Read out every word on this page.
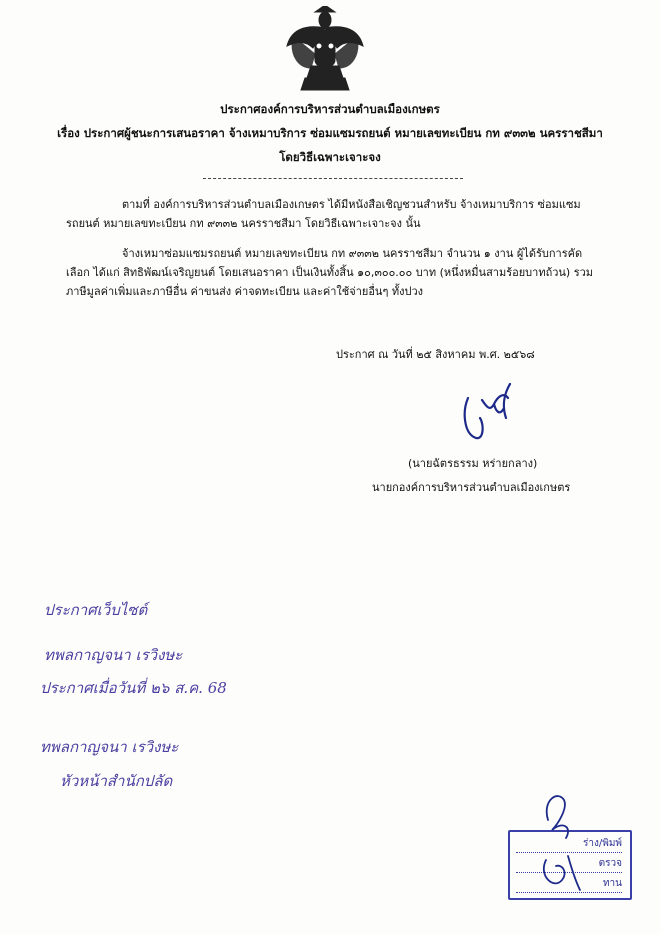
ประกาศองค์การบริหารส่วนตำบลเมืองเกษตร
เรื่อง ประกาศผู้ชนะการเสนอราคา จ้างเหมาบริการ ซ่อมแซมรถยนต์ หมายเลขทะเบียน กท ๙๓๓๒ นครราชสีมา
โดยวิธีเฉพาะเจาะจง
ตามที่ องค์การบริหารส่วนตำบลเมืองเกษตร ได้มีหนังสือเชิญชวนสำหรับ จ้างเหมาบริการ ซ่อมแซม
รถยนต์ หมายเลขทะเบียน กท ๙๓๓๒ นครราชสีมา โดยวิธีเฉพาะเจาะจง นั้น
จ้างเหมาซ่อมแซมรถยนต์ หมายเลขทะเบียน กท ๙๓๓๒ นครราชสีมา จำนวน ๑ งาน ผู้ได้รับการคัด
เลือก ได้แก่ สิทธิพัฒน์เจริญยนต์ โดยเสนอราคา เป็นเงินทั้งสิ้น ๑๐,๓๐๐.๐๐ บาท (หนึ่งหมื่นสามร้อยบาทถ้วน) รวม
ภาษีมูลค่าเพิ่มและภาษีอื่น ค่าขนส่ง ค่าจดทะเบียน และค่าใช้จ่ายอื่นๆ ทั้งปวง
ประกาศ ณ วันที่ ๒๕ สิงหาคม พ.ศ. ๒๕๖๘
(นายฉัตรธรรม หร่ายกลาง)
นายกองค์การบริหารส่วนตำบลเมืองเกษตร
ประกาศเว็บไซต์
ทพลกาญจนา เรวิงษะ
ประกาศเมื่อวันที่ ๒๖ ส.ค. 68
ทพลกาญจนา เรวิงษะ
หัวหน้าสำนักปลัด
ร่าง/พิมพ์
ตรวจ
ทาน
